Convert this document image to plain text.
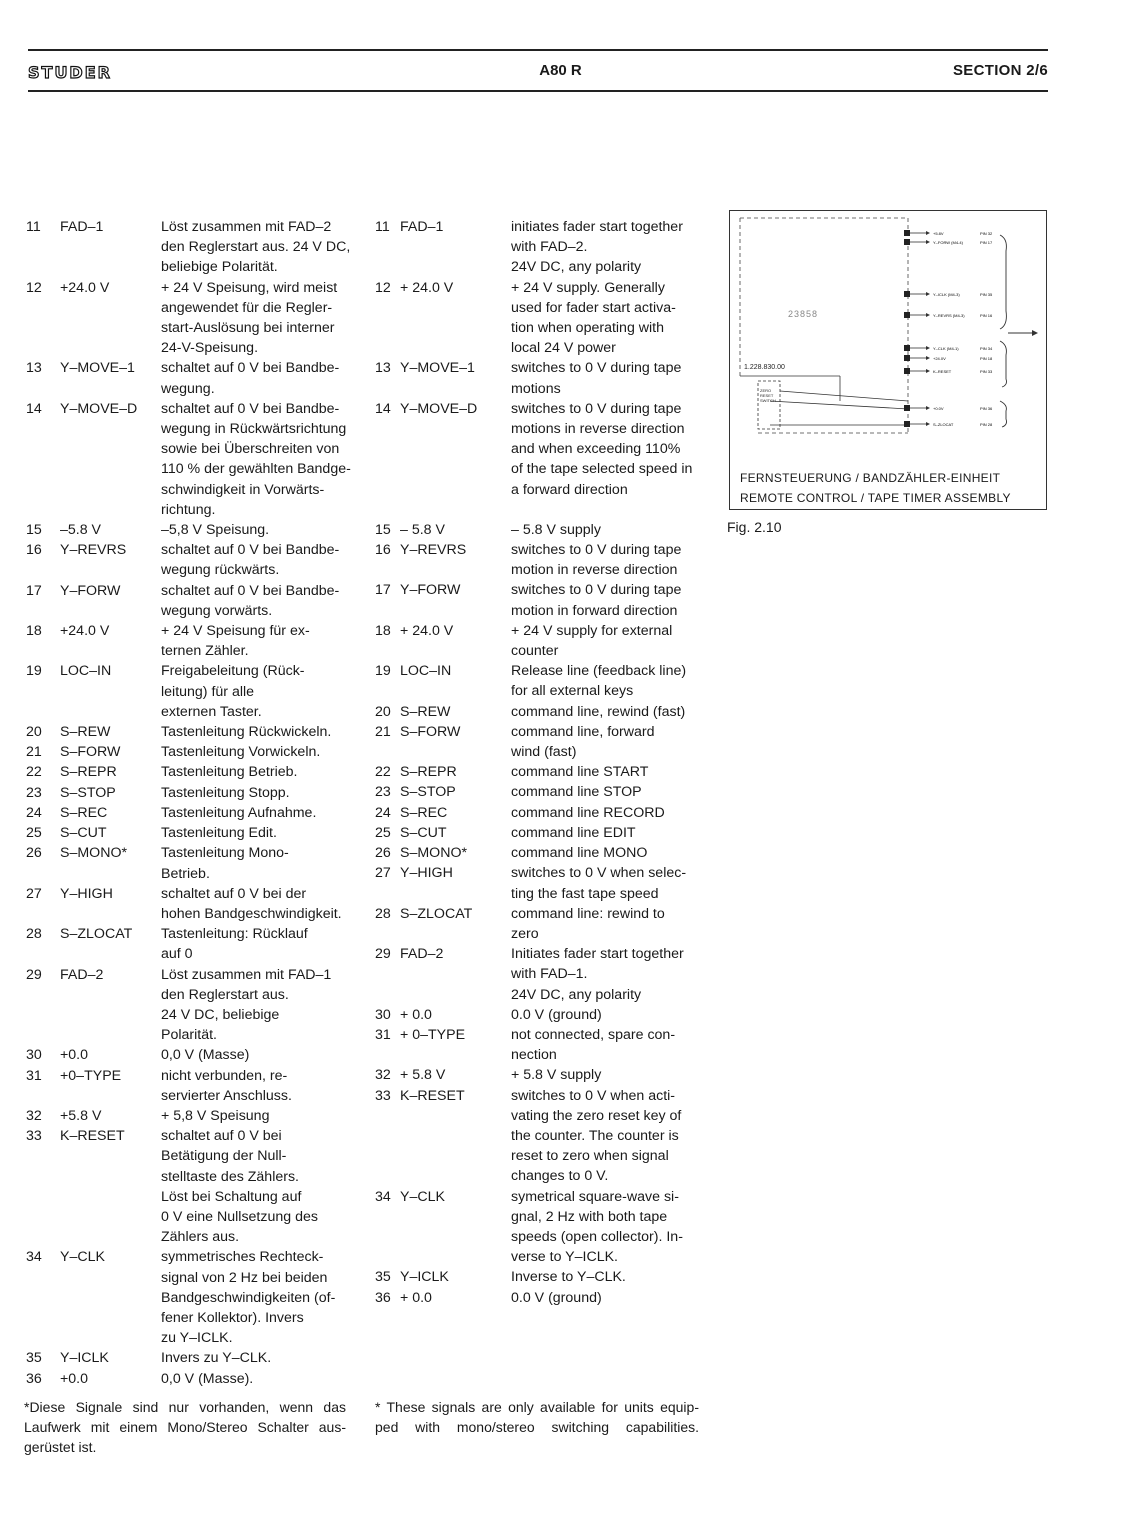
STUDER	A80 R	SECTION 2/6
11	FAD–1	Löst zusammen mit FAD–2
den Reglerstart aus. 24 V DC,
beliebige Polarität.
12	+24.0 V	+ 24 V Speisung, wird meist
angewendet für die Regler-
start-Auslösung bei interner
24-V-Speisung.
13	Y–MOVE–1	schaltet auf 0 V bei Bandbe-
wegung.
14	Y–MOVE–D	schaltet auf 0 V bei Bandbe-
wegung in Rückwärtsrichtung
sowie bei Überschreiten von
110 % der gewählten Bandge-
schwindigkeit in Vorwärts-
richtung.
15	–5.8 V	–5,8 V Speisung.
16	Y–REVRS	schaltet auf 0 V bei Bandbe-
wegung rückwärts.
17	Y–FORW	schaltet auf 0 V bei Bandbe-
wegung vorwärts.
18	+24.0 V	+ 24 V Speisung für ex-
ternen Zähler.
19	LOC–IN	Freigabeleitung (Rück-
leitung) für alle
externen Taster.
20	S–REW	Tastenleitung Rückwickeln.
21	S–FORW	Tastenleitung Vorwickeln.
22	S–REPR	Tastenleitung Betrieb.
23	S–STOP	Tastenleitung Stopp.
24	S–REC	Tastenleitung Aufnahme.
25	S–CUT	Tastenleitung Edit.
26	S–MONO*	Tastenleitung Mono-
Betrieb.
27	Y–HIGH	schaltet auf 0 V bei der
hohen Bandgeschwindigkeit.
28	S–ZLOCAT	Tastenleitung: Rücklauf
auf 0
29	FAD–2	Löst zusammen mit FAD–1
den Reglerstart aus.
24 V DC, beliebige
Polarität.
30	+0.0	0,0 V (Masse)
31	+0–TYPE	nicht verbunden, re-
servierter Anschluss.
32	+5.8 V	+ 5,8 V Speisung
33	K–RESET	schaltet auf 0 V bei
Betätigung der Null-
stelltaste des Zählers.
Löst bei Schaltung auf
0 V eine Nullsetzung des
Zählers aus.
34	Y–CLK	symmetrisches Rechteck-
signal von 2 Hz bei beiden
Bandgeschwindigkeiten (of-
fener Kollektor). Invers
zu Y–ICLK.
35	Y–ICLK	Invers zu Y–CLK.
36	+0.0	0,0 V (Masse).
11 FAD–1	initiates fader start together
with FAD–2.
24V DC, any polarity
12 + 24.0 V	+ 24 V supply. Generally
used for fader start activa-
tion when operating with
local 24 V power
13 Y–MOVE–1	switches to 0 V during tape
motions
14 Y–MOVE–D	switches to 0 V during tape
motions in reverse direction
and when exceeding 110%
of the tape selected speed in
a forward direction
15 – 5.8 V	– 5.8 V supply
16 Y–REVRS	switches to 0 V during tape
motion in reverse direction
17 Y–FORW	switches to 0 V during tape
motion in forward direction
18 + 24.0 V	+ 24 V supply for external
counter
19 LOC–IN	Release line (feedback line)
for all external keys
20 S–REW	command line, rewind (fast)
21 S–FORW	command line, forward
wind (fast)
22 S–REPR	command line START
23 S–STOP	command line STOP
24 S–REC	command line RECORD
25 S–CUT	command line EDIT
26 S–MONO*	command line MONO
27 Y–HIGH	switches to 0 V when selec-
ting the fast tape speed
28 S–ZLOCAT	command line: rewind to
zero
29 FAD–2	Initiates fader start together
with FAD–1.
24V DC, any polarity
30 + 0.0	0.0 V (ground)
31 + 0–TYPE	not connected, spare con-
nection
32 + 5.8 V	+ 5.8 V supply
33 K–RESET	switches to 0 V when acti-
vating the zero reset key of
the counter. The counter is
reset to zero when signal
changes to 0 V.
34 Y–CLK	symetrical square-wave si-
gnal, 2 Hz with both tape
speeds (open collector). In-
verse to Y–ICLK.
35 Y–ICLK	Inverse to Y–CLK.
36 + 0.0	0.0 V (ground)
*Diese Signale sind nur vorhanden, wenn das
Laufwerk mit einem Mono/Stereo Schalter aus-
gerüstet ist.
* These signals are only available for units equip-
ped with mono/stereo switching capabilities.
23858
1.228.830.00
ZERO
RESET
SWITCH
+5.8V	PIN 32
Y–FORW (M4-4)	PIN 17
Y–ICLK (M4-3)	PIN 35
Y–REVRS (M4-3)	PIN 16
Y–CLK (M4-1)	PIN 34
+24.0V	PIN 18
K–RESET	PIN 33
+0.0V	PIN 36
S–ZLOCAT	PIN 28
FERNSTEUERUNG / BANDZÄHLER-EINHEIT
REMOTE CONTROL / TAPE TIMER ASSEMBLY
Fig. 2.10
